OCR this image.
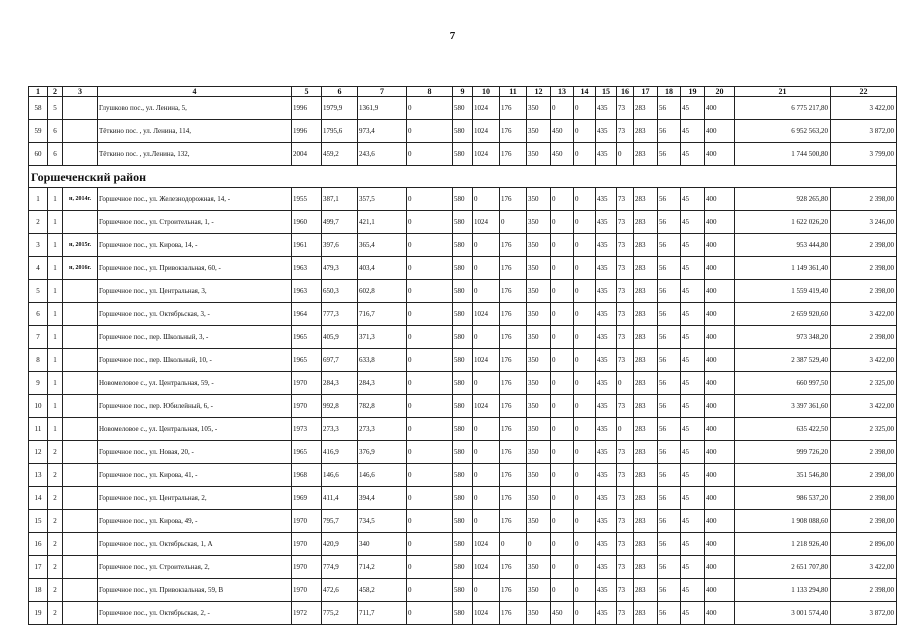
7
1	2	3	4	5	6	7	8	9	10	11	12	13	14	15	16	17	18	19	20	21	22
58	5		Глушково пос., ул. Ленина, 5,	1996	1979,9	1361,9	0	580	1024	176	350	0	0	435	73	283	56	45	400	6 775 217,80	3 422,00
59	6		Тёткино пос. , ул. Ленина, 114,	1996	1795,6	973,4	0	580	1024	176	350	450	0	435	73	283	56	45	400	6 952 563,20	3 872,00
60	6		Тёткино пос. , ул.Ленина, 132,	2004	459,2	243,6	0	580	1024	176	350	450	0	435	0	283	56	45	400	1 744 500,80	3 799,00
Горшеченский район																					
1	1	н, 2014г.	Горшечное пос., ул. Железнодорожная, 14, -	1955	387,1	357,5	0	580	0	176	350	0	0	435	73	283	56	45	400	928 265,80	2 398,00
2	1		Горшечное пос., ул. Строительная, 1, -	1960	499,7	421,1	0	580	1024	0	350	0	0	435	73	283	56	45	400	1 622 026,20	3 246,00
3	1	н, 2015г.	Горшечное пос., ул. Кирова, 14, -	1961	397,6	365,4	0	580	0	176	350	0	0	435	73	283	56	45	400	953 444,80	2 398,00
4	1	н, 2016г.	Горшечное пос., ул. Привокзальная, 60, -	1963	479,3	403,4	0	580	0	176	350	0	0	435	73	283	56	45	400	1 149 361,40	2 398,00
5	1		Горшечное пос., ул. Центральная, 3,	1963	650,3	602,8	0	580	0	176	350	0	0	435	73	283	56	45	400	1 559 419,40	2 398,00
6	1		Горшечное пос., ул. Октябрьская, 3, -	1964	777,3	716,7	0	580	1024	176	350	0	0	435	73	283	56	45	400	2 659 920,60	3 422,00
7	1		Горшечное пос., пер. Школьный, 3, -	1965	405,9	371,3	0	580	0	176	350	0	0	435	73	283	56	45	400	973 348,20	2 398,00
8	1		Горшечное пос., пер. Школьный, 10, -	1965	697,7	633,8	0	580	1024	176	350	0	0	435	73	283	56	45	400	2 387 529,40	3 422,00
9	1		Новомеловое с., ул. Центральная, 59, -	1970	284,3	284,3	0	580	0	176	350	0	0	435	0	283	56	45	400	660 997,50	2 325,00
10	1		Горшечное пос., пер. Юбилейный, 6, -	1970	992,8	782,8	0	580	1024	176	350	0	0	435	73	283	56	45	400	3 397 361,60	3 422,00
11	1		Новомеловое с., ул. Центральная, 105, -	1973	273,3	273,3	0	580	0	176	350	0	0	435	0	283	56	45	400	635 422,50	2 325,00
12	2		Горшечное пос., ул. Новая, 20, -	1965	416,9	376,9	0	580	0	176	350	0	0	435	73	283	56	45	400	999 726,20	2 398,00
13	2		Горшечное пос., ул. Кирова, 41, -	1968	146,6	146,6	0	580	0	176	350	0	0	435	73	283	56	45	400	351 546,80	2 398,00
14	2		Горшечное пос., ул. Центральная, 2,	1969	411,4	394,4	0	580	0	176	350	0	0	435	73	283	56	45	400	986 537,20	2 398,00
15	2		Горшечное пос., ул. Кирова, 49, -	1970	795,7	734,5	0	580	0	176	350	0	0	435	73	283	56	45	400	1 908 088,60	2 398,00
16	2		Горшечное пос., ул. Октябрьская, 1, А	1970	420,9	340	0	580	1024	0	0	0	0	435	73	283	56	45	400	1 218 926,40	2 896,00
17	2		Горшечное пос., ул. Строительная, 2,	1970	774,9	714,2	0	580	1024	176	350	0	0	435	73	283	56	45	400	2 651 707,80	3 422,00
18	2		Горшечное пос., ул. Привокзальная, 59, В	1970	472,6	458,2	0	580	0	176	350	0	0	435	73	283	56	45	400	1 133 294,80	2 398,00
19	2		Горшечное пос., ул. Октябрьская, 2, -	1972	775,2	711,7	0	580	1024	176	350	450	0	435	73	283	56	45	400	3 001 574,40	3 872,00
